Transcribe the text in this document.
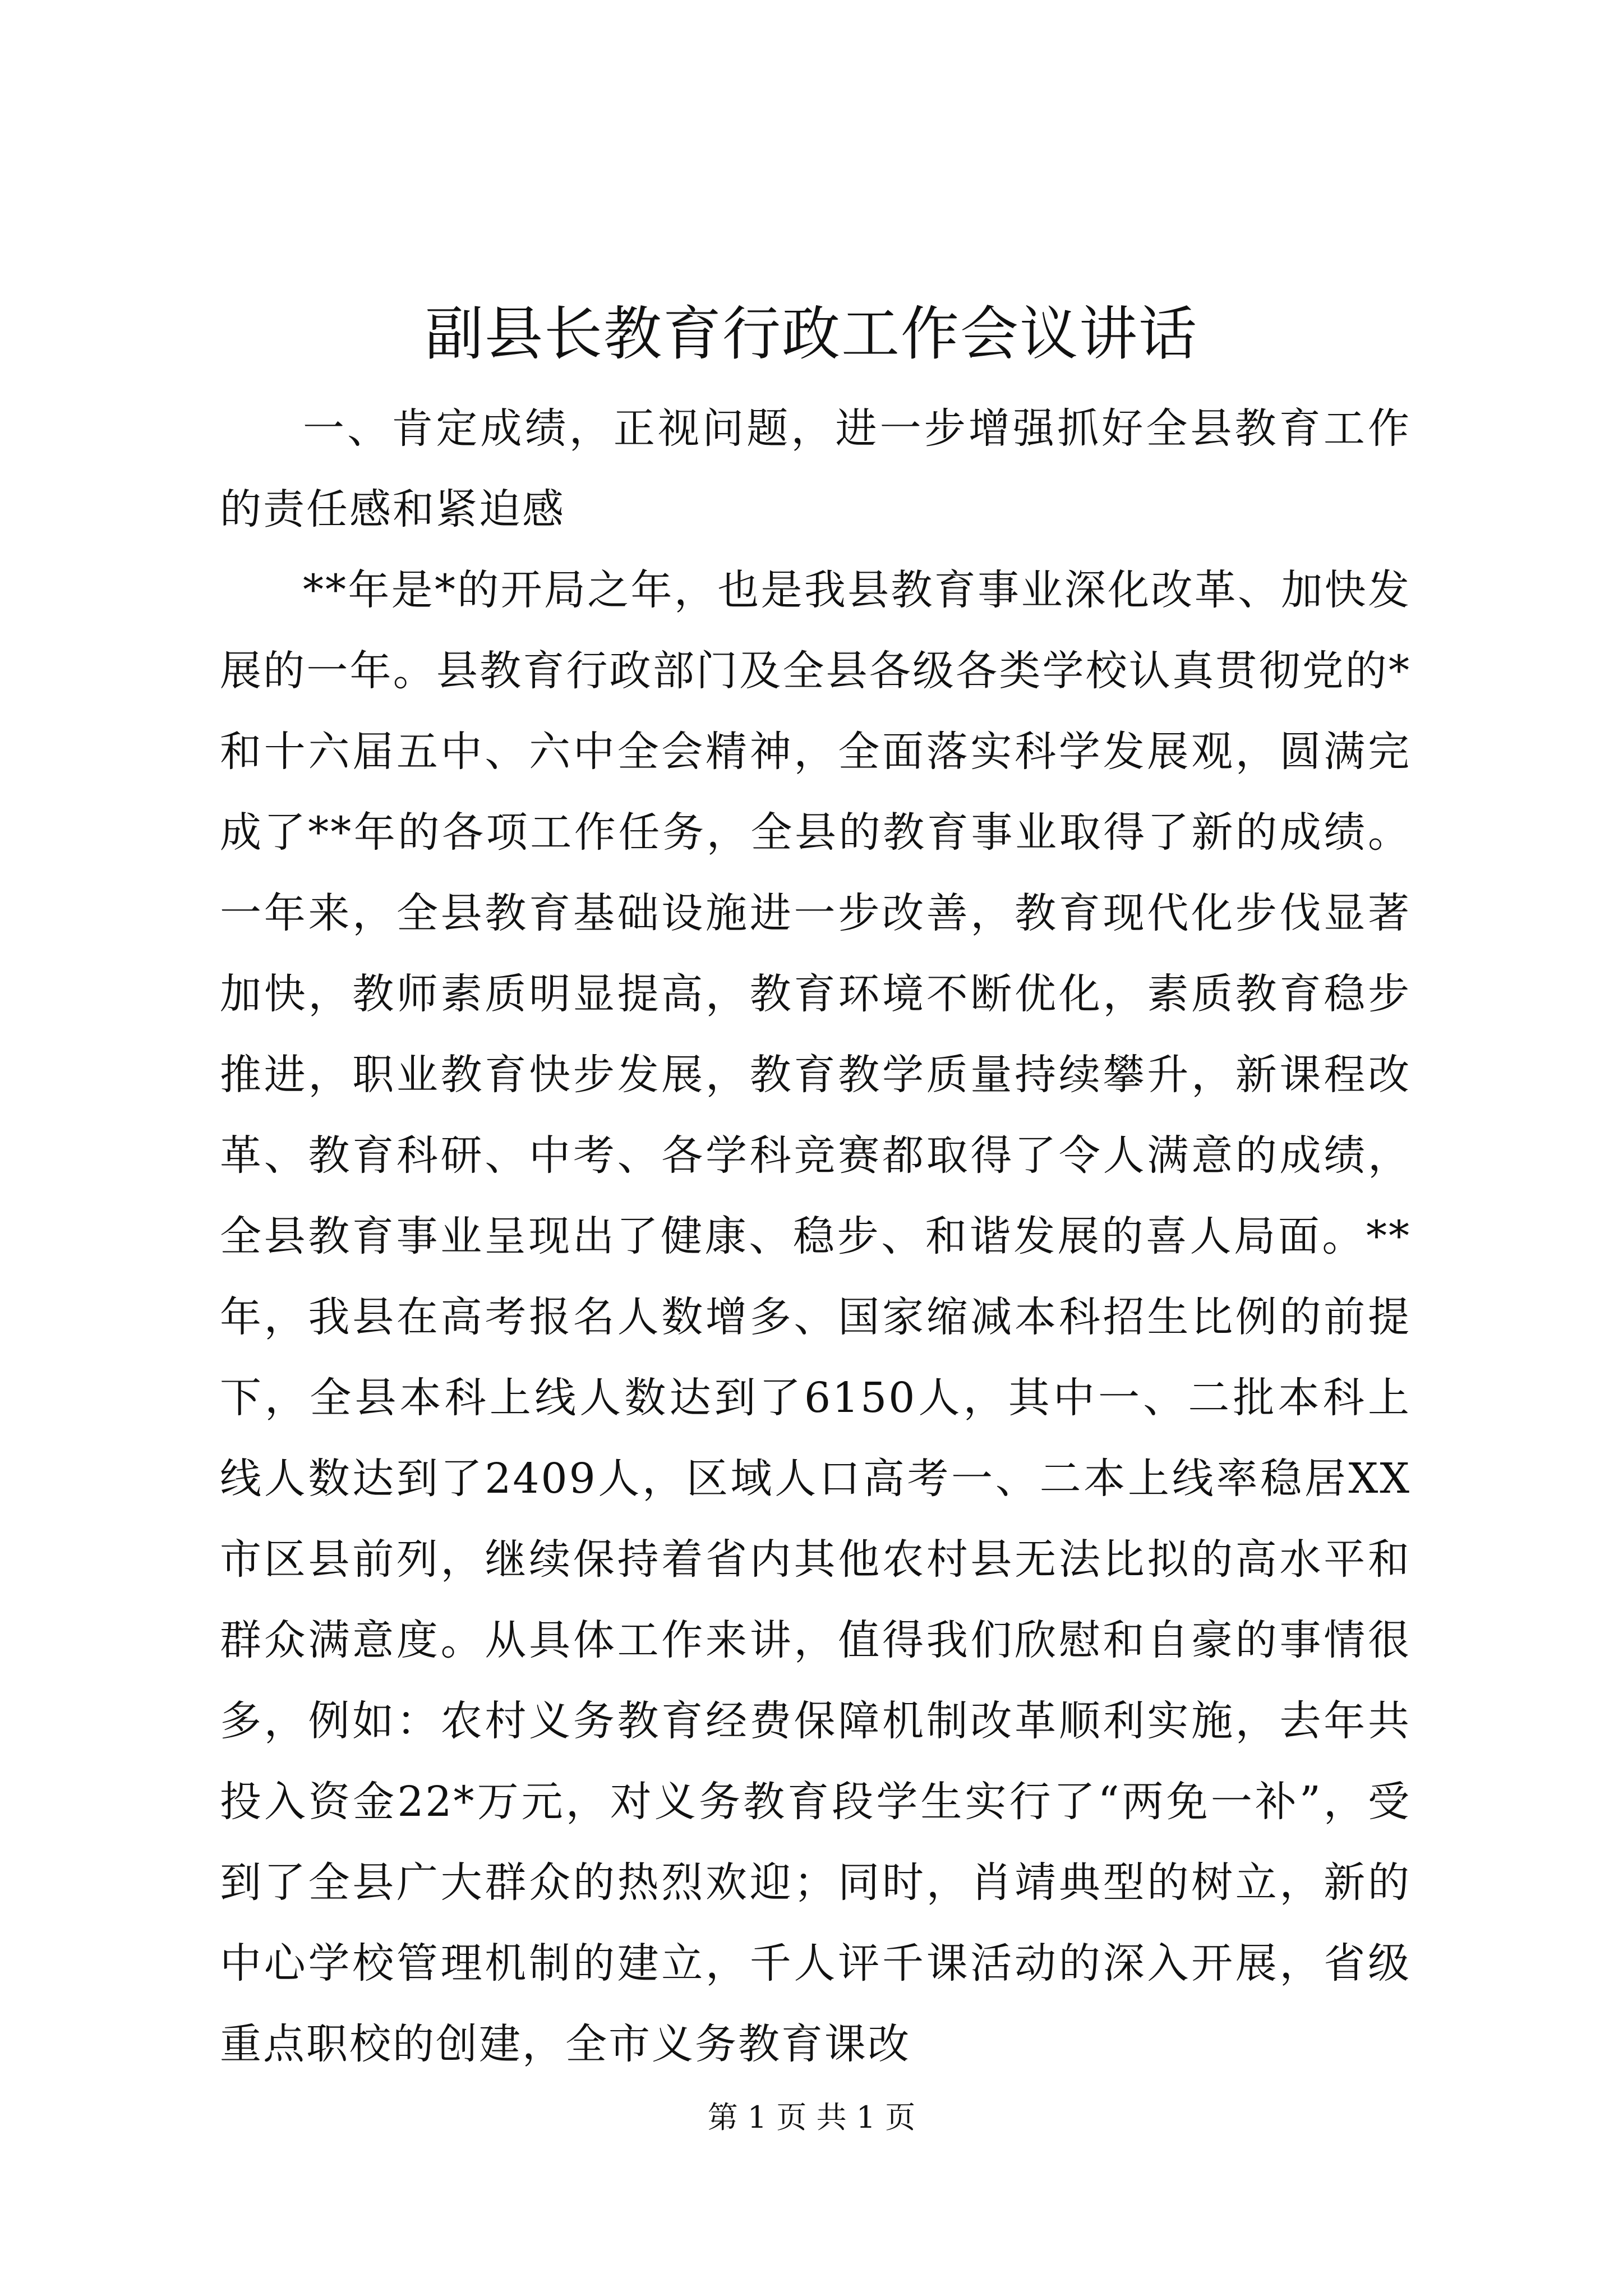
副县长教育行政工作会议讲话

一、肯定成绩，正视问题，进一步增强抓好全县教育工作的责任感和紧迫感

**年是*的开局之年，也是我县教育事业深化改革、加快发展的一年。县教育行政部门及全县各级各类学校认真贯彻党的*和十六届五中、六中全会精神，全面落实科学发展观，圆满完成了**年的各项工作任务，全县的教育事业取得了新的成绩。一年来，全县教育基础设施进一步改善，教育现代化步伐显著加快，教师素质明显提高，教育环境不断优化，素质教育稳步推进，职业教育快步发展，教育教学质量持续攀升，新课程改革、教育科研、中考、各学科竞赛都取得了令人满意的成绩，全县教育事业呈现出了健康、稳步、和谐发展的喜人局面。**年，我县在高考报名人数增多、国家缩减本科招生比例的前提下，全县本科上线人数达到了6150人，其中一、二批本科上线人数达到了2409人，区域人口高考一、二本上线率稳居XX市区县前列，继续保持着省内其他农村县无法比拟的高水平和群众满意度。从具体工作来讲，值得我们欣慰和自豪的事情很多，例如：农村义务教育经费保障机制改革顺利实施，去年共投入资金22*万元，对义务教育段学生实行了“两免一补”，受到了全县广大群众的热烈欢迎；同时，肖靖典型的树立，新的中心学校管理机制的建立，千人评千课活动的深入开展，省级重点职校的创建，全市义务教育课改

第 1 页 共 1 页
